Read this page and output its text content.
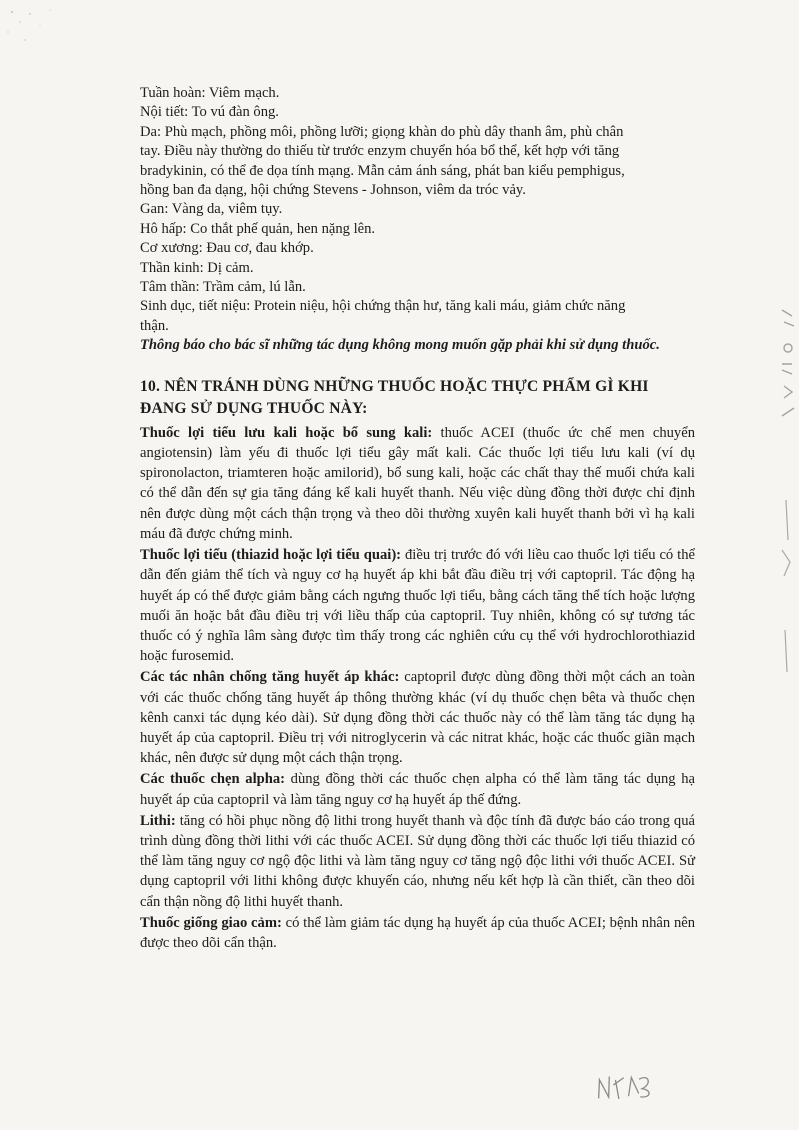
Tuần hoàn: Viêm mạch.
Nội tiết: To vú đàn ông.
Da: Phù mạch, phồng môi, phồng lưỡi; giọng khàn do phù dây thanh âm, phù chân
tay. Điều này thường do thiếu từ trước enzym chuyển hóa bổ thể, kết hợp với tăng
bradykinin, có thể đe dọa tính mạng. Mẫn cảm ánh sáng, phát ban kiểu pemphigus,
hồng ban đa dạng, hội chứng Stevens - Johnson, viêm da tróc vảy.
Gan: Vàng da, viêm tụy.
Hô hấp: Co thắt phế quản, hen nặng lên.
Cơ xương: Đau cơ, đau khớp.
Thần kinh: Dị cảm.
Tâm thần: Trầm cảm, lú lẫn.
Sinh dục, tiết niệu: Protein niệu, hội chứng thận hư, tăng kali máu, giảm chức năng
thận.
Thông báo cho bác sĩ những tác dụng không mong muốn gặp phải khi sử dụng thuốc.
10. NÊN TRÁNH DÙNG NHỮNG THUỐC HOẶC THỰC PHẨM GÌ KHI
ĐANG SỬ DỤNG THUỐC NÀY:
Thuốc lợi tiểu lưu kali hoặc bổ sung kali: thuốc ACEI (thuốc ức chế men chuyển angiotensin) làm yếu đi thuốc lợi tiểu gây mất kali. Các thuốc lợi tiểu lưu kali (ví dụ spironolacton, triamteren hoặc amilorid), bổ sung kali, hoặc các chất thay thế muối chứa kali có thể dẫn đến sự gia tăng đáng kể kali huyết thanh. Nếu việc dùng đồng thời được chỉ định nên được dùng một cách thận trọng và theo dõi thường xuyên kali huyết thanh bởi vì hạ kali máu đã được chứng minh.
Thuốc lợi tiểu (thiazid hoặc lợi tiểu quai): điều trị trước đó với liều cao thuốc lợi tiểu có thể dẫn đến giảm thể tích và nguy cơ hạ huyết áp khi bắt đầu điều trị với captopril. Tác động hạ huyết áp có thể được giảm bằng cách ngưng thuốc lợi tiểu, bằng cách tăng thể tích hoặc lượng muối ăn hoặc bắt đầu điều trị với liều thấp của captopril. Tuy nhiên, không có sự tương tác thuốc có ý nghĩa lâm sàng được tìm thấy trong các nghiên cứu cụ thể với hydrochlorothiazid hoặc furosemid.
Các tác nhân chống tăng huyết áp khác: captopril được dùng đồng thời một cách an toàn với các thuốc chống tăng huyết áp thông thường khác (ví dụ thuốc chẹn bêta và thuốc chẹn kênh canxi tác dụng kéo dài). Sử dụng đồng thời các thuốc này có thể làm tăng tác dụng hạ huyết áp của captopril. Điều trị với nitroglycerin và các nitrat khác, hoặc các thuốc giãn mạch khác, nên được sử dụng một cách thận trọng.
Các thuốc chẹn alpha: dùng đồng thời các thuốc chẹn alpha có thể làm tăng tác dụng hạ huyết áp của captopril và làm tăng nguy cơ hạ huyết áp thế đứng.
Lithi: tăng có hồi phục nồng độ lithi trong huyết thanh và độc tính đã được báo cáo trong quá trình dùng đồng thời lithi với các thuốc ACEI. Sử dụng đồng thời các thuốc lợi tiểu thiazid có thể làm tăng nguy cơ ngộ độc lithi và làm tăng nguy cơ tăng ngộ độc lithi với thuốc ACEI. Sử dụng captopril với lithi không được khuyến cáo, nhưng nếu kết hợp là cần thiết, cần theo dõi cẩn thận nồng độ lithi huyết thanh.
Thuốc giống giao cảm: có thể làm giảm tác dụng hạ huyết áp của thuốc ACEI; bệnh nhân nên được theo dõi cẩn thận.
